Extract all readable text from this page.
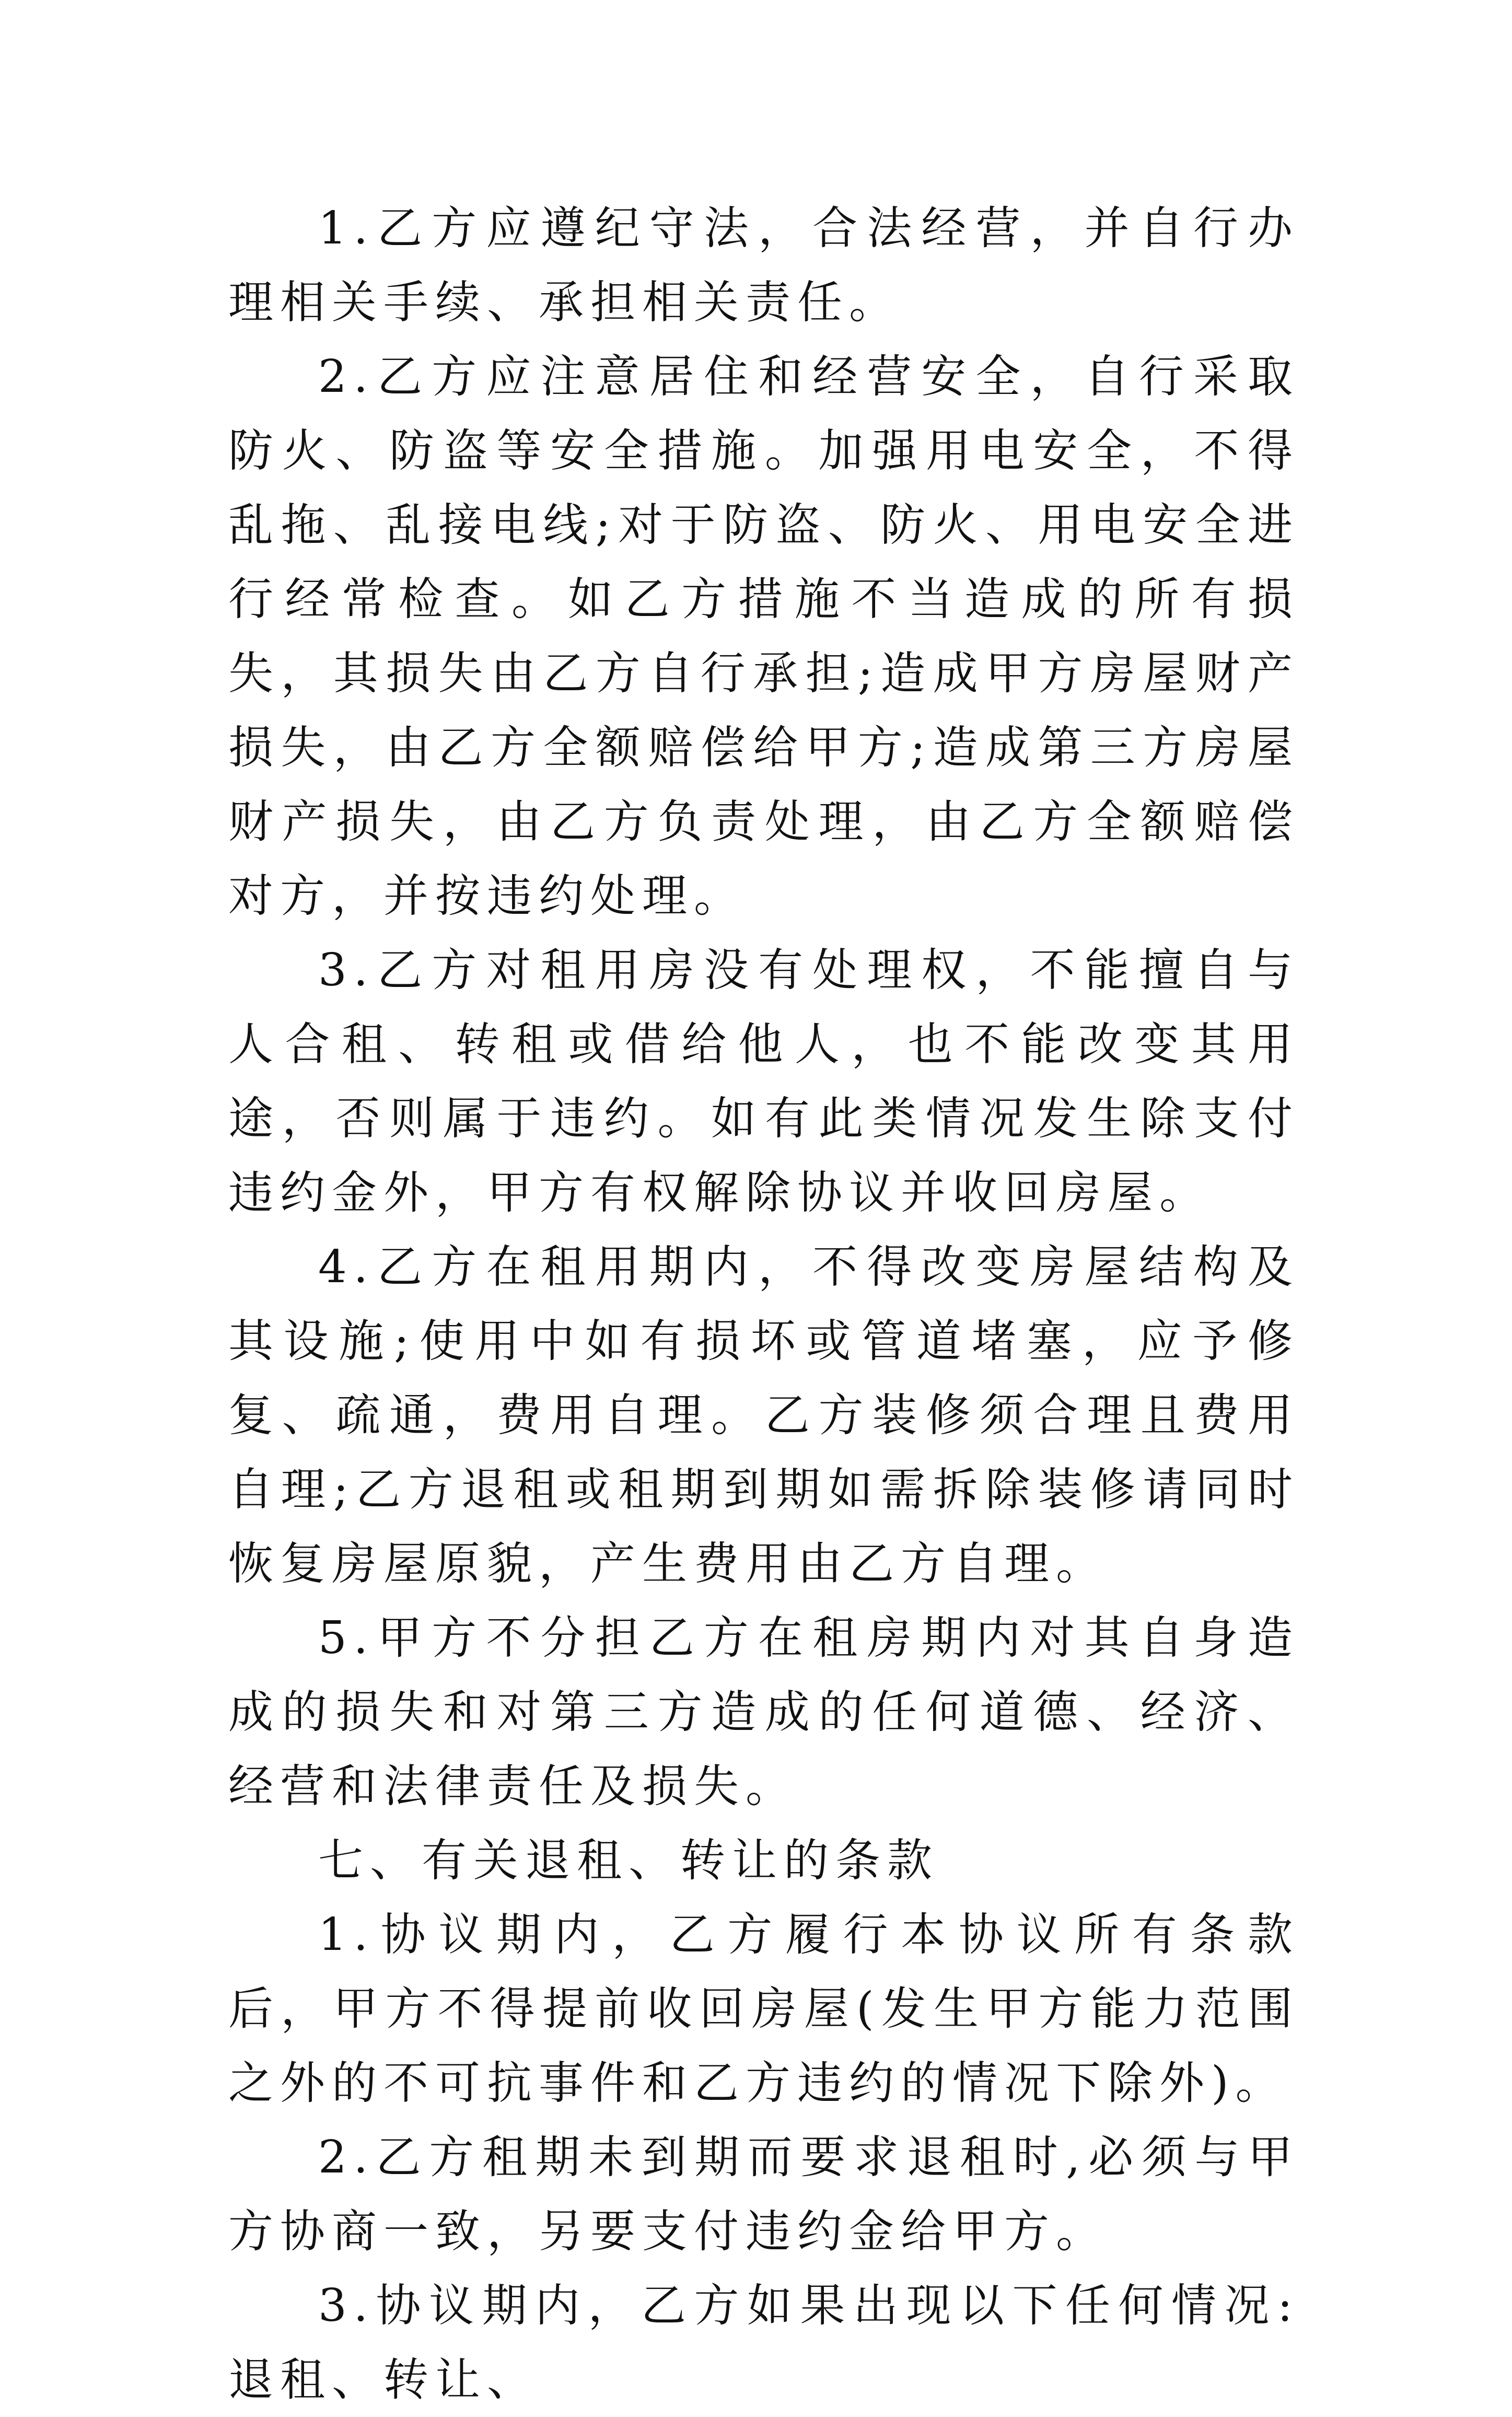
1.乙方应遵纪守法，合法经营，并自行办理相关手续、承担相关责任。

2.乙方应注意居住和经营安全，自行采取防火、防盗等安全措施。加强用电安全，不得乱拖、乱接电线;对于防盗、防火、用电安全进行经常检查。如乙方措施不当造成的所有损失，其损失由乙方自行承担;造成甲方房屋财产损失，由乙方全额赔偿给甲方;造成第三方房屋财产损失，由乙方负责处理，由乙方全额赔偿对方，并按违约处理。

3.乙方对租用房没有处理权，不能擅自与人合租、转租或借给他人，也不能改变其用途，否则属于违约。如有此类情况发生除支付违约金外，甲方有权解除协议并收回房屋。

4.乙方在租用期内，不得改变房屋结构及其设施;使用中如有损坏或管道堵塞，应予修复、疏通，费用自理。乙方装修须合理且费用自理;乙方退租或租期到期如需拆除装修请同时恢复房屋原貌，产生费用由乙方自理。

5.甲方不分担乙方在租房期内对其自身造成的损失和对第三方造成的任何道德、经济、经营和法律责任及损失。

七、有关退租、转让的条款

1.协议期内，乙方履行本协议所有条款后，甲方不得提前收回房屋(发生甲方能力范围之外的不可抗事件和乙方违约的情况下除外)。

2.乙方租期未到期而要求退租时,必须与甲方协商一致，另要支付违约金给甲方。

3.协议期内，乙方如果出现以下任何情况:退租、转让、
